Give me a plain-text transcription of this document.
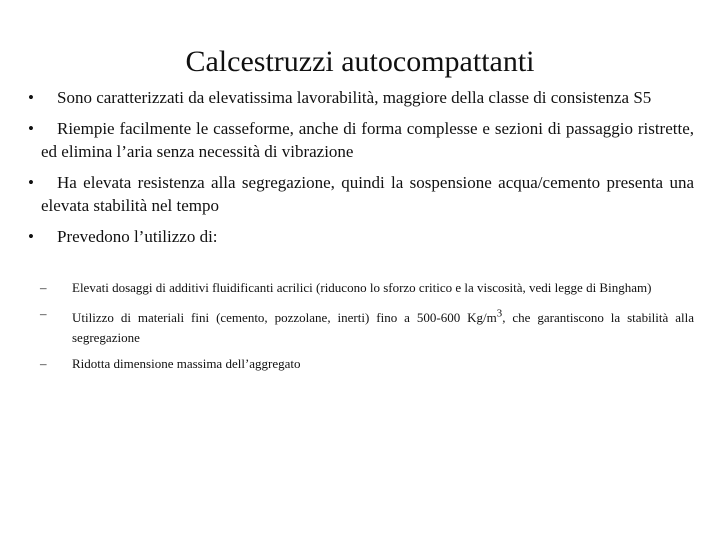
Calcestruzzi autocompattanti
•	Sono caratterizzati da elevatissima lavorabilità, maggiore della classe di consistenza S5
•	Riempie facilmente le casseforme, anche di forma complesse e sezioni di passaggio ristrette, ed elimina l’aria senza necessità di vibrazione
•	Ha elevata resistenza alla segregazione, quindi la sospensione acqua/cemento presenta una elevata stabilità nel tempo
•	Prevedono l’utilizzo di:
– Elevati dosaggi di additivi fluidificanti acrilici (riducono lo sforzo critico e la viscosità, vedi legge di Bingham)
– Utilizzo di materiali fini (cemento, pozzolane, inerti) fino a 500-600 $Kg/m^3$, che garantiscono la stabilità alla segregazione
– Ridotta dimensione massima dell’aggregato
